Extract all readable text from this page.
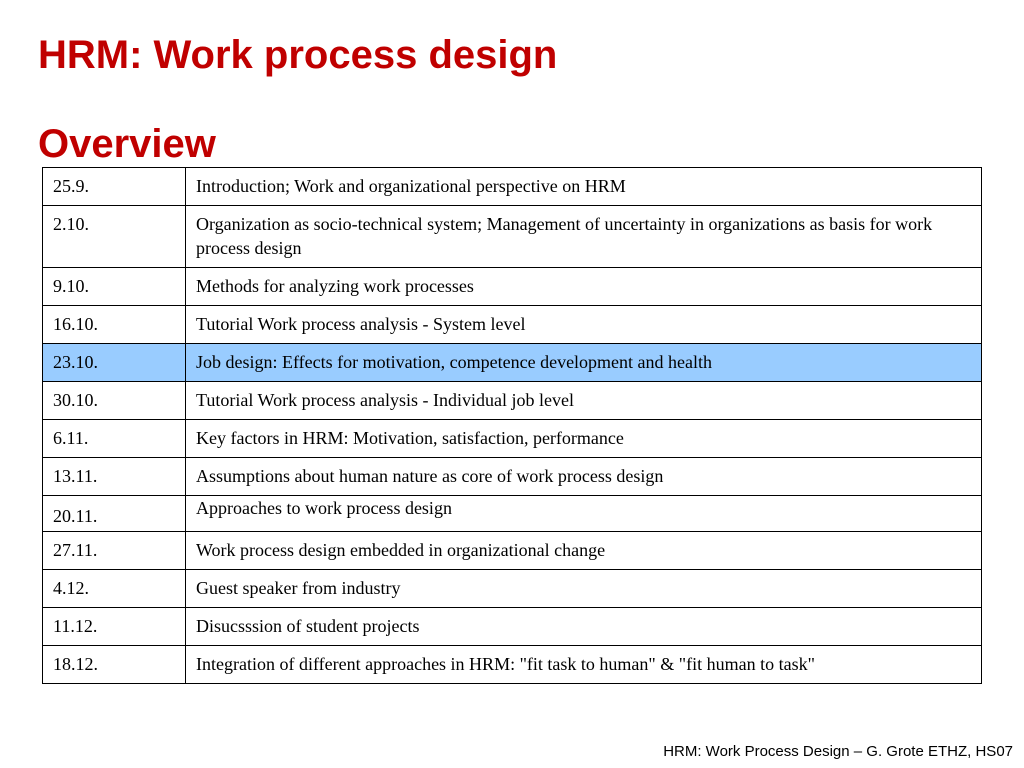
HRM: Work process design
Overview
25.9.	Introduction; Work and organizational perspective on HRM
2.10.	Organization as socio-technical system; Management of uncertainty in organizations as basis for work process design
9.10.	Methods for analyzing work processes
16.10.	Tutorial Work process analysis - System level
23.10.	Job design: Effects for motivation, competence development and health
30.10.	Tutorial Work process analysis - Individual job level
6.11.	Key factors in HRM: Motivation, satisfaction, performance
13.11.	Assumptions about human nature as core of work process design
20.11.	Approaches to work process design
27.11.	Work process design embedded in organizational change
4.12.	Guest speaker from industry
11.12.	Disucsssion of student projects
18.12.	Integration of different approaches in HRM: "fit task to human" & "fit human to task"

HRM: Work Process Design – G. Grote ETHZ, HS07
